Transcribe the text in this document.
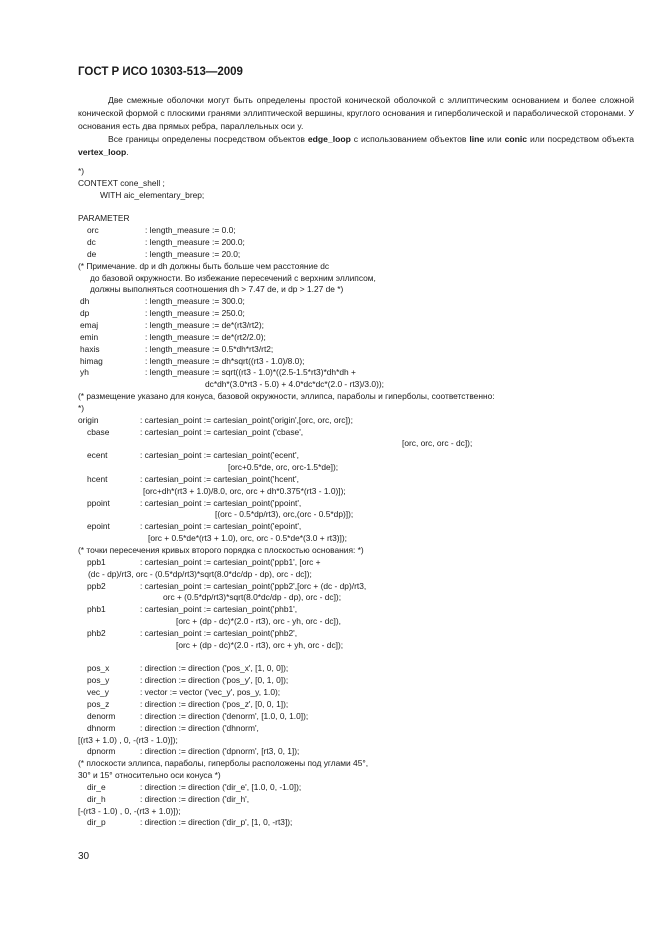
ГОСТ Р ИСО 10303-513—2009
Две смежные оболочки могут быть определены простой конической оболочкой с эллиптическим основанием и более сложной конической формой с плоскими гранями эллиптической вершины, круглого основания и гиперболической и параболической сторонами. У основания есть два прямых ребра, параллельных оси y.
Все границы определены посредством объектов edge_loop с использованием объектов line или conic или посредством объекта vertex_loop.
*)
CONTEXT cone_shell ;
WITH aic_elementary_brep;
PARAMETER
orc	: length_measure := 0.0;
dc	: length_measure := 200.0;
de	: length_measure := 20.0;
(* Примечание. dp и dh должны быть больше чем расстояние dc
до базовой окружности. Во избежание пересечений с верхним эллипсом,
должны выполняться соотношения dh > 7.47 de, и dp > 1.27 de *)
dh	: length_measure := 300.0;
dp	: length_measure := 250.0;
emaj	: length_measure := de*(rt3/rt2);
emin	: length_measure := de*(rt2/2.0);
haxis	: length_measure := 0.5*dh*rt3/rt2;
himag	: length_measure := dh*sqrt((rt3 - 1.0)/8.0);
yh	: length_measure := sqrt((rt3 - 1.0)*((2.5-1.5*rt3)*dh*dh +
dc*dh*(3.0*rt3 - 5.0) + 4.0*dc*dc*(2.0 - rt3)/3.0));
(* размещение указано для конуса, базовой окружности, эллипса, параболы и гиперболы, соответственно:
*)
origin	: cartesian_point := cartesian_point('origin',[orc, orc, orc]);
cbase	: cartesian_point := cartesian_point ('cbase',
[orc, orc, orc - dc]);
ecent	: cartesian_point := cartesian_point('ecent',
[orc+0.5*de, orc, orc-1.5*de]);
hcent	: cartesian_point := cartesian_point('hcent',
[orc+dh*(rt3 + 1.0)/8.0, orc, orc + dh*0.375*(rt3 - 1.0)]);
ppoint	: cartesian_point := cartesian_point('ppoint',
[(orc - 0.5*dp/rt3), orc,(orc - 0.5*dp)]);
epoint	: cartesian_point := cartesian_point('epoint',
[orc + 0.5*de*(rt3 + 1.0), orc, orc - 0.5*de*(3.0 + rt3)]);
(* точки пересечения кривых второго порядка с плоскостью основания: *)
ppb1	: cartesian_point := cartesian_point('ppb1', [orc +
(dc - dp)/rt3, orc - (0.5*dp/rt3)*sqrt(8.0*dc/dp - dp), orc - dc]);
ppb2	: cartesian_point := cartesian_point('ppb2',[orc + (dc - dp)/rt3,
orc + (0.5*dp/rt3)*sqrt(8.0*dc/dp - dp), orc - dc]);
phb1	: cartesian_point := cartesian_point('phb1',
[orc + (dp - dc)*(2.0 - rt3), orc - yh, orc - dc]),
phb2	: cartesian_point := cartesian_point('phb2',
[orc + (dp - dc)*(2.0 - rt3), orc + yh, orc - dc]);
pos_x	: direction := direction ('pos_x', [1, 0, 0]);
pos_y	: direction := direction ('pos_y', [0, 1, 0]);
vec_y	: vector := vector ('vec_y', pos_y, 1.0);
pos_z	: direction := direction ('pos_z', [0, 0, 1]);
denorm	: direction := direction ('denorm', [1.0, 0, 1.0]);
dhnorm	: direction := direction ('dhnorm',
[(rt3 + 1.0) , 0, -(rt3 - 1.0)]);
dpnorm	: direction := direction ('dpnorm', [rt3, 0, 1]);
(* плоскости эллипса, параболы, гиперболы расположены под углами 45°,
30° и 15° относительно оси конуса *)
dir_e	: direction := direction ('dir_e', [1.0, 0, -1.0]);
dir_h	: direction := direction ('dir_h',
[-(rt3 - 1.0) , 0, -(rt3 + 1.0)]);
dir_p	: direction := direction ('dir_p', [1, 0, -rt3]);
30
